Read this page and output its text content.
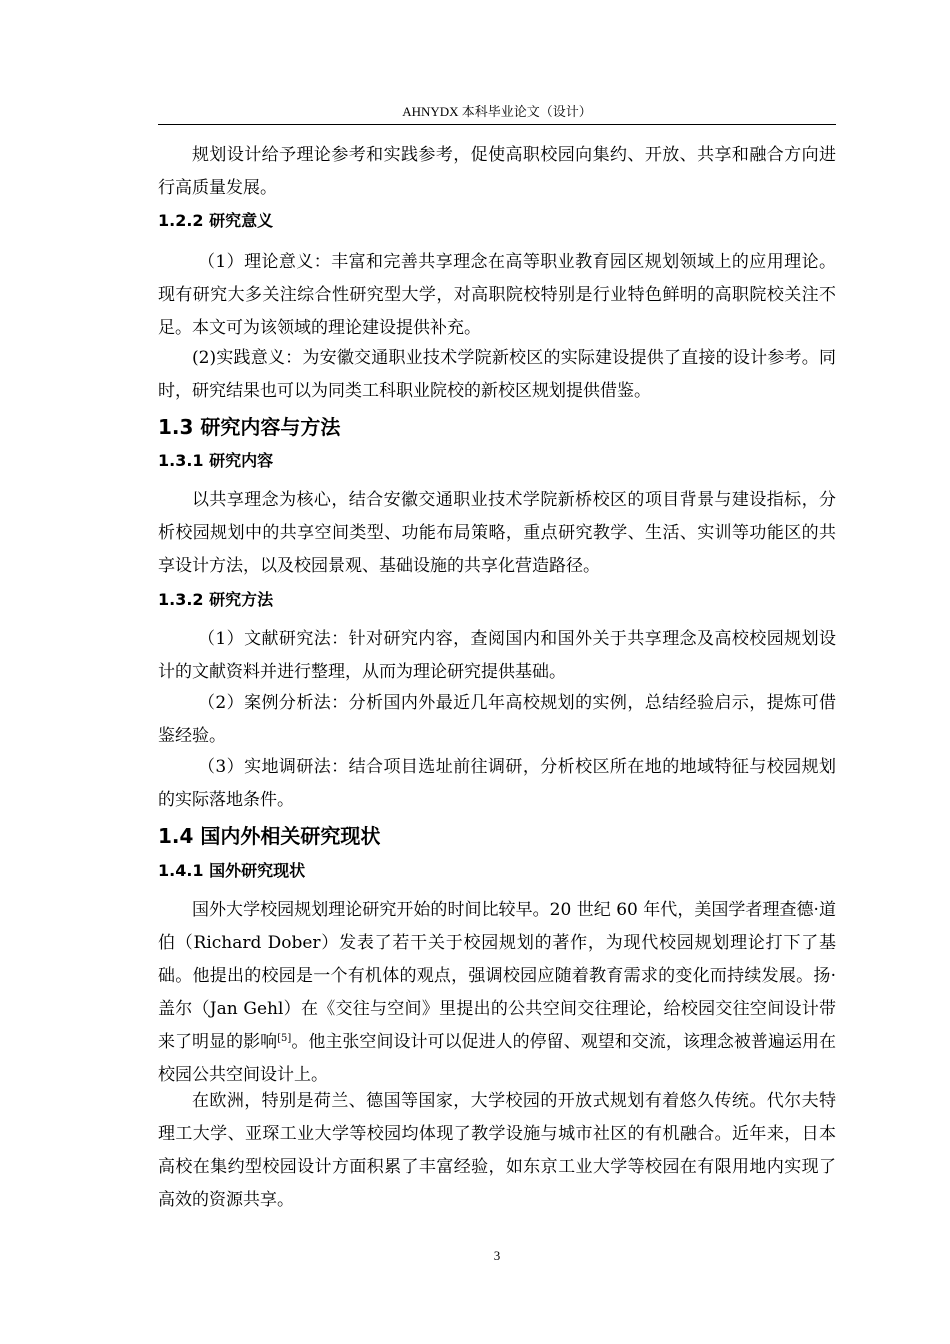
AHNYDX 本科毕业论文（设计）

规划设计给予理论参考和实践参考，促使高职校园向集约、开放、共享和融合方向进行高质量发展。

1.2.2 研究意义

（1）理论意义：丰富和完善共享理念在高等职业教育园区规划领域上的应用理论。现有研究大多关注综合性研究型大学，对高职院校特别是行业特色鲜明的高职院校关注不足。本文可为该领域的理论建设提供补充。

(2)实践意义：为安徽交通职业技术学院新校区的实际建设提供了直接的设计参考。同时，研究结果也可以为同类工科职业院校的新校区规划提供借鉴。

1.3 研究内容与方法
1.3.1 研究内容

以共享理念为核心，结合安徽交通职业技术学院新桥校区的项目背景与建设指标，分析校园规划中的共享空间类型、功能布局策略，重点研究教学、生活、实训等功能区的共享设计方法，以及校园景观、基础设施的共享化营造路径。

1.3.2 研究方法

（1）文献研究法：针对研究内容，查阅国内和国外关于共享理念及高校校园规划设计的文献资料并进行整理，从而为理论研究提供基础。

（2）案例分析法：分析国内外最近几年高校规划的实例，总结经验启示，提炼可借鉴经验。

（3）实地调研法：结合项目选址前往调研，分析校区所在地的地域特征与校园规划的实际落地条件。

1.4 国内外相关研究现状
1.4.1 国外研究现状

国外大学校园规划理论研究开始的时间比较早。20 世纪 60 年代，美国学者理查德·道伯（Richard Dober）发表了若干关于校园规划的著作，为现代校园规划理论打下了基础。他提出的校园是一个有机体的观点，强调校园应随着教育需求的变化而持续发展。扬·盖尔（Jan Gehl）在《交往与空间》里提出的公共空间交往理论，给校园交往空间设计带来了明显的影响[5]。他主张空间设计可以促进人的停留、观望和交流，该理念被普遍运用在校园公共空间设计上。

在欧洲，特别是荷兰、德国等国家，大学校园的开放式规划有着悠久传统。代尔夫特理工大学、亚琛工业大学等校园均体现了教学设施与城市社区的有机融合。近年来，日本高校在集约型校园设计方面积累了丰富经验，如东京工业大学等校园在有限用地内实现了高效的资源共享。

3
